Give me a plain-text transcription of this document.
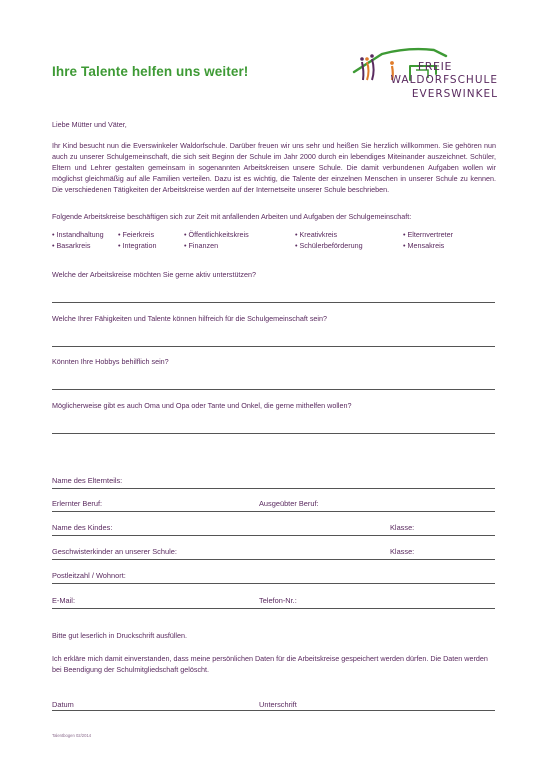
Ihre Talente helfen uns weiter!	FREIE
WALDORFSCHULE
EVERSWINKEL
Liebe Mütter und Väter,
Ihr Kind besucht nun die Everswinkeler Waldorfschule. Darüber freuen wir uns sehr und heißen Sie herzlich willkommen. Sie gehören nun auch zu unserer Schulgemeinschaft, die sich seit Beginn der Schule im Jahr 2000 durch ein lebendiges Miteinander auszeichnet. Schüler, Eltern und Lehrer gestalten gemeinsam in sogenannten Arbeitskreisen unsere Schule. Die damit verbundenen Aufgaben wollen wir möglichst gleichmäßig auf alle Familien verteilen. Dazu ist es wichtig, die Talente der einzelnen Menschen in unserer Schule zu kennen. Die verschiedenen Tätigkeiten der Arbeitskreise werden auf der Internetseite unserer Schule beschrieben.
Folgende Arbeitskreise beschäftigen sich zur Zeit mit anfallenden Arbeiten und Aufgaben der Schulgemeinschaft:
• Instandhaltung	• Feierkreis	• Öffentlichkeitskreis	• Kreativkreis	• Elternvertreter
• Basarkreis	• Integration	• Finanzen	• Schülerbeförderung	• Mensakreis
Welche der Arbeitskreise möchten Sie gerne aktiv unterstützen?
Welche Ihrer Fähigkeiten und Talente können hilfreich für die Schulgemeinschaft sein?
Könnten Ihre Hobbys behilflich sein?
Möglicherweise gibt es auch Oma und Opa oder Tante und Onkel, die gerne mithelfen wollen?
Name des Elternteils:
Erlernter Beruf:	Ausgeübter Beruf:
Name des Kindes:	Klasse:
Geschwisterkinder an unserer Schule:	Klasse:
Postleitzahl / Wohnort:
E-Mail:	Telefon-Nr.:
Bitte gut leserlich in Druckschrift ausfüllen.
Ich erkläre mich damit einverstanden, dass meine persönlichen Daten für die Arbeitskreise gespeichert werden dürfen. Die Daten werden bei Beendigung der Schulmitgliedschaft gelöscht.
Datum	Unterschrift
Talentbogen 02/2014
